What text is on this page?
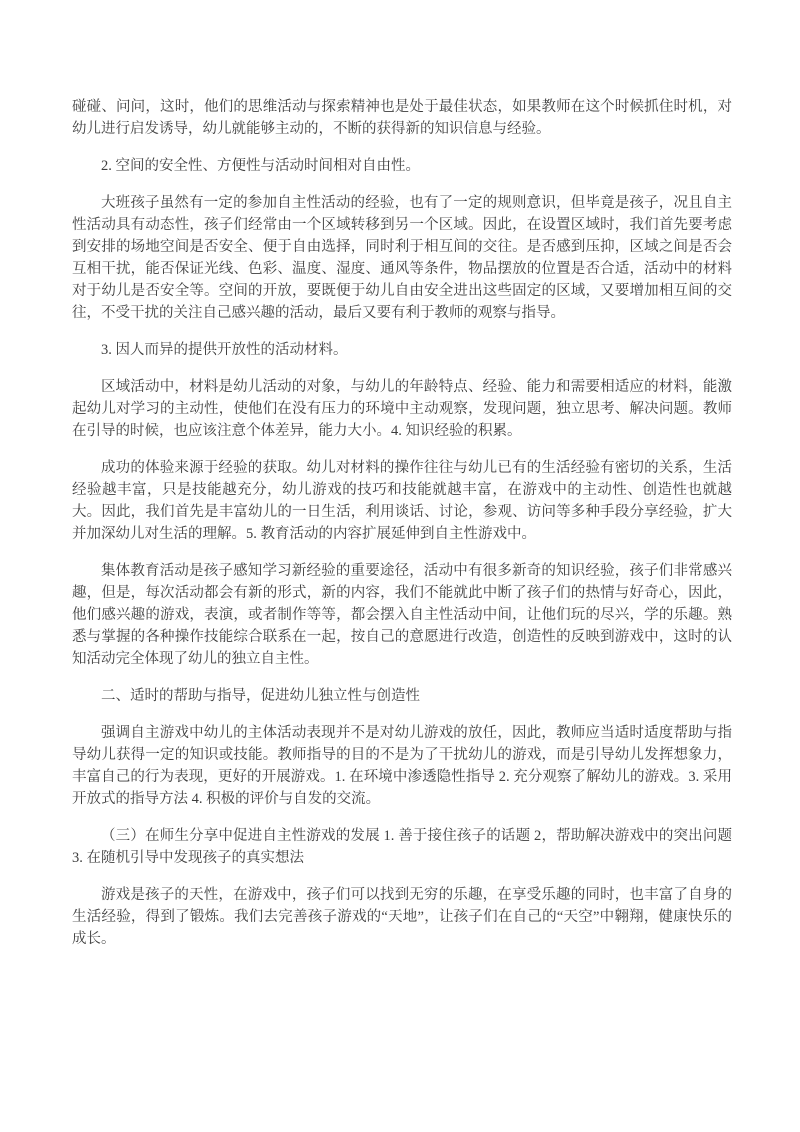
碰碰、问问，这时，他们的思维活动与探索精神也是处于最佳状态，如果教师在这个时候抓住时机，对幼儿进行启发诱导，幼儿就能够主动的，不断的获得新的知识信息与经验。

2. 空间的安全性、方便性与活动时间相对自由性。

大班孩子虽然有一定的参加自主性活动的经验，也有了一定的规则意识，但毕竟是孩子，况且自主性活动具有动态性，孩子们经常由一个区域转移到另一个区域。因此，在设置区域时，我们首先要考虑到安排的场地空间是否安全、便于自由选择，同时利于相互间的交往。是否感到压抑，区域之间是否会互相干扰，能否保证光线、色彩、温度、湿度、通风等条件，物品摆放的位置是否合适，活动中的材料对于幼儿是否安全等。空间的开放，要既便于幼儿自由安全进出这些固定的区域，又要增加相互间的交往，不受干扰的关注自己感兴趣的活动，最后又要有利于教师的观察与指导。

3. 因人而异的提供开放性的活动材料。

区域活动中，材料是幼儿活动的对象，与幼儿的年龄特点、经验、能力和需要相适应的材料，能激起幼儿对学习的主动性，使他们在没有压力的环境中主动观察，发现问题，独立思考、解决问题。教师在引导的时候，也应该注意个体差异，能力大小。4. 知识经验的积累。

成功的体验来源于经验的获取。幼儿对材料的操作往往与幼儿已有的生活经验有密切的关系，生活经验越丰富，只是技能越充分，幼儿游戏的技巧和技能就越丰富，在游戏中的主动性、创造性也就越大。因此，我们首先是丰富幼儿的一日生活，利用谈话、讨论，参观、访问等多种手段分享经验，扩大并加深幼儿对生活的理解。5. 教育活动的内容扩展延伸到自主性游戏中。

集体教育活动是孩子感知学习新经验的重要途径，活动中有很多新奇的知识经验，孩子们非常感兴趣，但是，每次活动都会有新的形式，新的内容，我们不能就此中断了孩子们的热情与好奇心，因此，他们感兴趣的游戏，表演，或者制作等等，都会摆入自主性活动中间，让他们玩的尽兴，学的乐趣。熟悉与掌握的各种操作技能综合联系在一起，按自己的意愿进行改造，创造性的反映到游戏中，这时的认知活动完全体现了幼儿的独立自主性。

二、适时的帮助与指导，促进幼儿独立性与创造性

强调自主游戏中幼儿的主体活动表现并不是对幼儿游戏的放任，因此，教师应当适时适度帮助与指导幼儿获得一定的知识或技能。教师指导的目的不是为了干扰幼儿的游戏，而是引导幼儿发挥想象力，丰富自己的行为表现，更好的开展游戏。1. 在环境中渗透隐性指导 2. 充分观察了解幼儿的游戏。3. 采用开放式的指导方法 4. 积极的评价与自发的交流。

（三）在师生分享中促进自主性游戏的发展 1. 善于接住孩子的话题 2，帮助解决游戏中的突出问题 3. 在随机引导中发现孩子的真实想法

游戏是孩子的天性，在游戏中，孩子们可以找到无穷的乐趣，在享受乐趣的同时，也丰富了自身的生活经验，得到了锻炼。我们去完善孩子游戏的“天地”，让孩子们在自己的“天空”中翱翔，健康快乐的成长。
